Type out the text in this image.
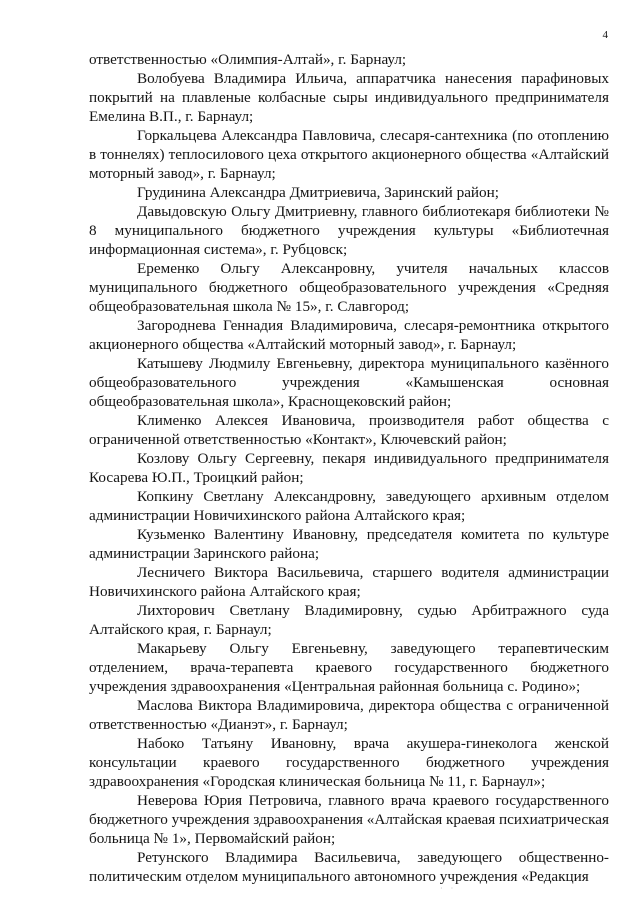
4

ответственностью «Олимпия-Алтай», г. Барнаул;

Волобуева Владимира Ильича, аппаратчика нанесения парафиновых покрытий на плавленые колбасные сыры индивидуального предпринимателя Емелина В.П., г. Барнаул;

Горкальцева Александра Павловича, слесаря-сантехника (по отоплению в тоннелях) теплосилового цеха открытого акционерного общества «Алтайский моторный завод», г. Барнаул;

Грудинина Александра Дмитриевича, Заринский район;

Давыдовскую Ольгу Дмитриевну, главного библиотекаря библиотеки № 8 муниципального бюджетного учреждения культуры «Библиотечная информационная система», г. Рубцовск;

Еременко Ольгу Алексанровну, учителя начальных классов муниципального бюджетного общеобразовательного учреждения «Средняя общеобразовательная школа № 15», г. Славгород;

Загороднева Геннадия Владимировича, слесаря-ремонтника открытого акционерного общества «Алтайский моторный завод», г. Барнаул;

Катышеву Людмилу Евгеньевну, директора муниципального казённого общеобразовательного учреждения «Камышенская основная общеобразовательная школа», Краснощековский район;

Клименко Алексея Ивановича, производителя работ общества с ограниченной ответственностью «Контакт», Ключевский район;

Козлову Ольгу Сергеевну, пекаря индивидуального предпринимателя Косарева Ю.П., Троицкий район;

Копкину Светлану Александровну, заведующего архивным отделом администрации Новичихинского района Алтайского края;

Кузьменко Валентину Ивановну, председателя комитета по культуре администрации Заринского района;

Лесничего Виктора Васильевича, старшего водителя администрации Новичихинского района Алтайского края;

Лихторович Светлану Владимировну, судью Арбитражного суда Алтайского края, г. Барнаул;

Макарьеву Ольгу Евгеньевну, заведующего терапевтическим отделением, врача-терапевта краевого государственного бюджетного учреждения здравоохранения «Центральная районная больница с. Родино»;

Маслова Виктора Владимировича, директора общества с ограниченной ответственностью «Дианэт», г. Барнаул;

Набоко Татьяну Ивановну, врача акушера-гинеколога женской консультации краевого государственного бюджетного учреждения здравоохранения «Городская клиническая больница № 11, г. Барнаул»;

Неверова Юрия Петровича, главного врача краевого государственного бюджетного учреждения здравоохранения «Алтайская краевая психиатрическая больница № 1», Первомайский район;

Ретунского Владимира Васильевича, заведующего общественно-политическим отделом муниципального автономного учреждения «Редакция

· ·
